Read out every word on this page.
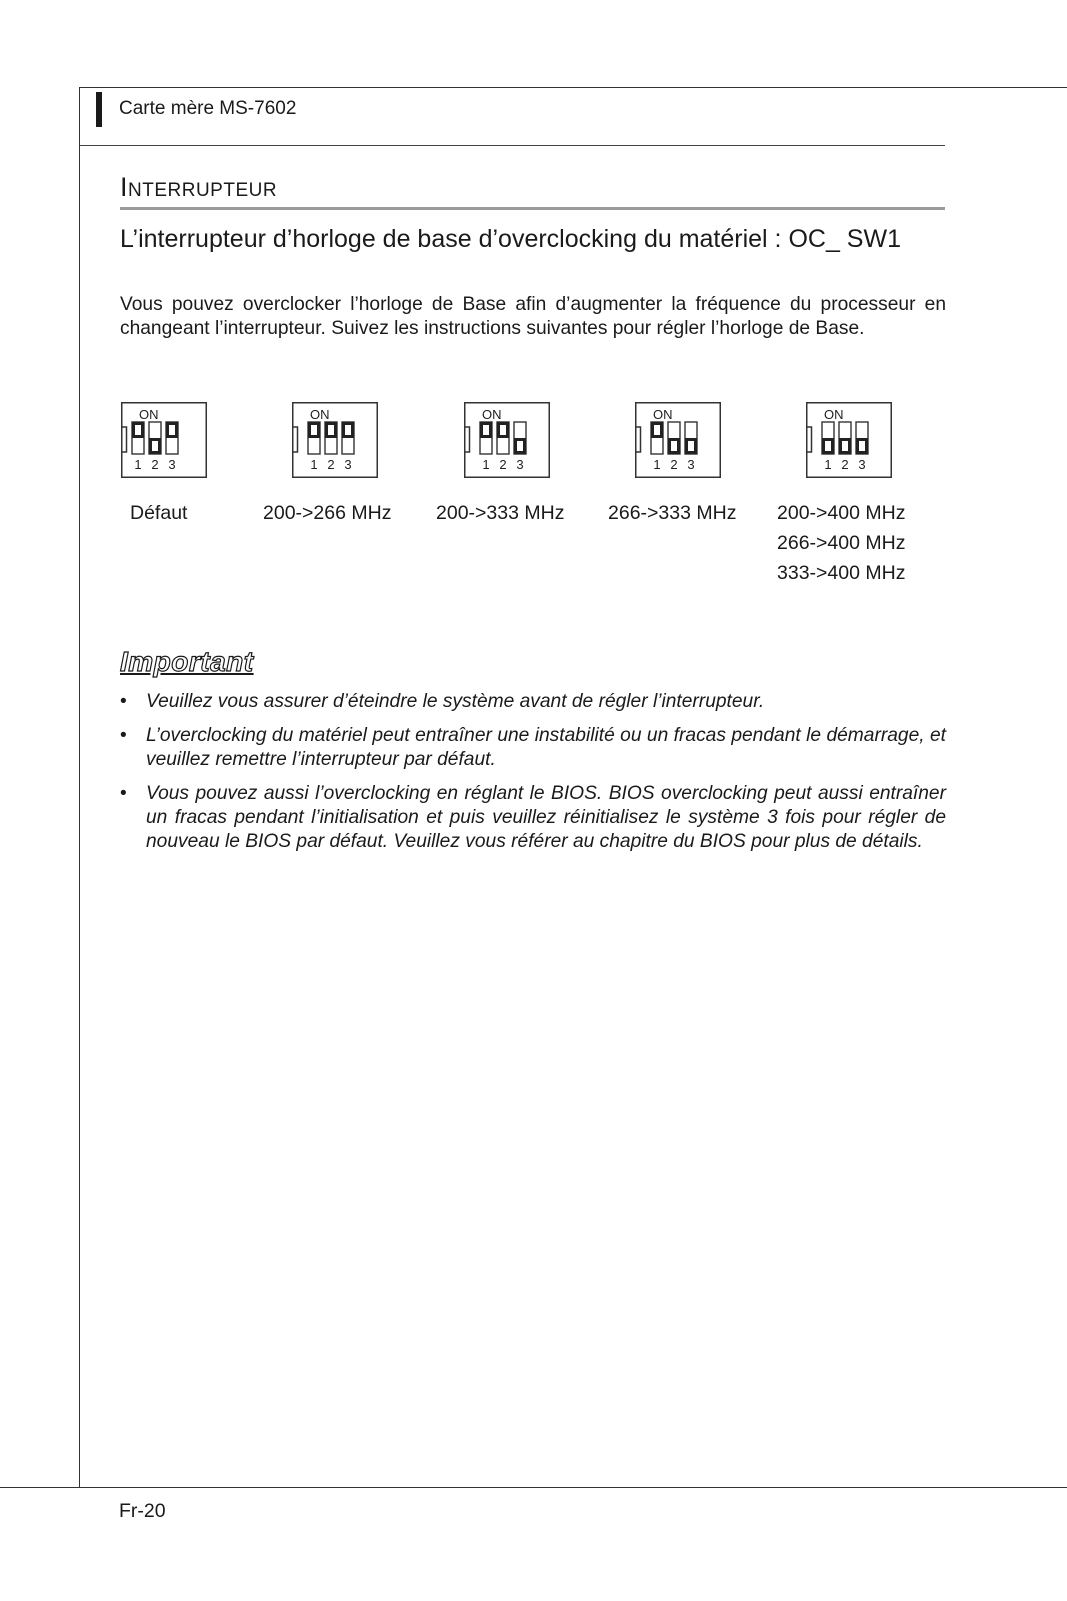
Carte mère MS-7602
INTERRUPTEUR
L’interrupteur d’horloge de base d’overclocking du matériel : OC_ SW1
Vous pouvez overclocker l’horloge de Base afin d’augmenter la fréquence du processeur en changeant l’interrupteur. Suivez les instructions suivantes pour régler l’horloge de Base.
ON
1 2 3
ON
1 2 3
ON
1 2 3
ON
1 2 3
ON
1 2 3
Défaut	200->266 MHz 200->333 MHz 266->333 MHz 200->400 MHz
266->400 MHz
333->400 MHz
Important
• Veuillez vous assurer d’éteindre le système avant de régler l’interrupteur.
• L’overclocking du matériel peut entraîner une instabilité ou un fracas pendant le démarrage, et veuillez remettre l’interrupteur par défaut.
• Vous pouvez aussi l’overclocking en réglant le BIOS. BIOS overclocking peut aussi entraîner un fracas pendant l’initialisation et puis veuillez réinitialisez le système 3 fois pour régler de nouveau le BIOS par défaut. Veuillez vous référer au chapitre du BIOS pour plus de détails.
Fr-20
